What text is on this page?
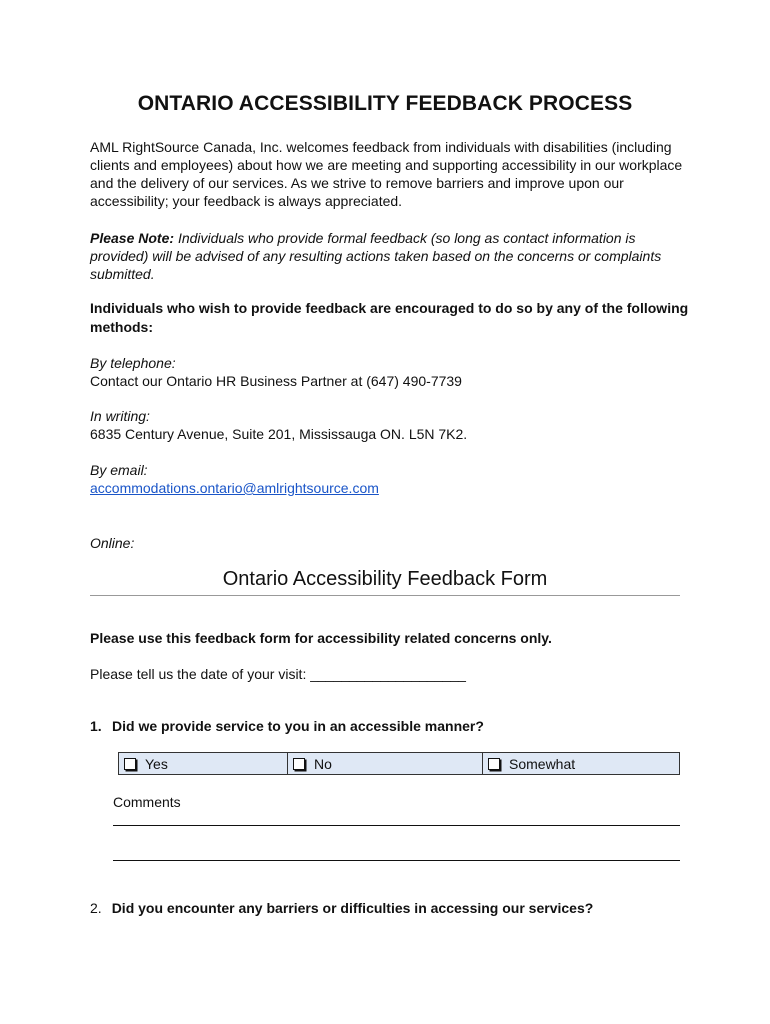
ONTARIO ACCESSIBILITY FEEDBACK PROCESS
AML RightSource Canada, Inc. welcomes feedback from individuals with disabilities (including clients and employees) about how we are meeting and supporting accessibility in our workplace and the delivery of our services. As we strive to remove barriers and improve upon our accessibility; your feedback is always appreciated.
Please Note: Individuals who provide formal feedback (so long as contact information is provided) will be advised of any resulting actions taken based on the concerns or complaints submitted.
Individuals who wish to provide feedback are encouraged to do so by any of the following methods:
By telephone:
Contact our Ontario HR Business Partner at (647) 490-7739
In writing:
6835 Century Avenue, Suite 201, Mississauga ON. L5N 7K2.
By email:
accommodations.ontario@amlrightsource.com
Online:
Ontario Accessibility Feedback Form
Please use this feedback form for accessibility related concerns only.
Please tell us the date of your visit: ____________________
1. Did we provide service to you in an accessible manner?
Yes	No	Somewhat
Comments
2. Did you encounter any barriers or difficulties in accessing our services?
